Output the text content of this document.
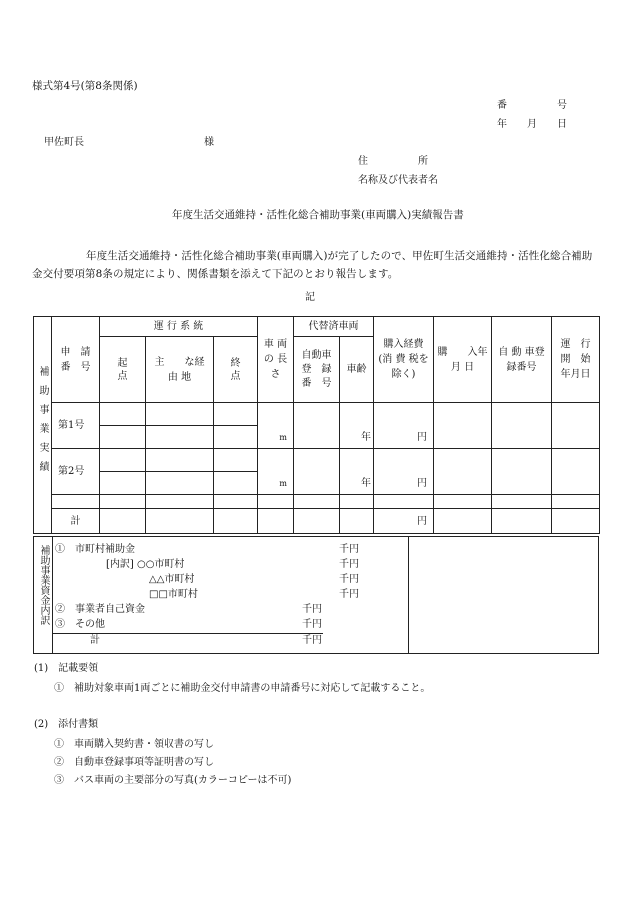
様式第4号(第8条関係)
番　　　　　号
年　　月　　日
甲佐町長	様
住　　　　　所
名称及び代表者名
年度生活交通維持・活性化総合補助事業(車両購入)実績報告書
年度生活交通維持・活性化総合補助事業(車両購入)が完了したので、甲佐町生活交通維持・活性化総合補助金交付要項第8条の規定により、関係書類を添えて下記のとおり報告します。
記
補助事業実績	申　請番　号	運 行 系 統			車 両の 長さ	代替済車両		購入経費(消 費 税を除く)	購　　入年 月 日	自 動 車登録番号	運　行開　始年月日

		起点	主　　な経 由 地	終点		自動車登　録番　号	車齢				
	第1号				m		年	円			

	第2号				m		年	円			

	計							円			
補助事業資金内訳 ①　市町村補助金	千円
[内訳] ○○市町村	千円
△△市町村	千円
□□市町村	千円
②　事業者自己資金	千円
③　その他	千円
計	千円
(1)　記載要領
①　補助対象車両1両ごとに補助金交付申請書の申請番号に対応して記載すること。
(2)　添付書類
①　車両購入契約書・領収書の写し
②　自動車登録事項等証明書の写し
③　バス車両の主要部分の写真(カラーコピーは不可)
